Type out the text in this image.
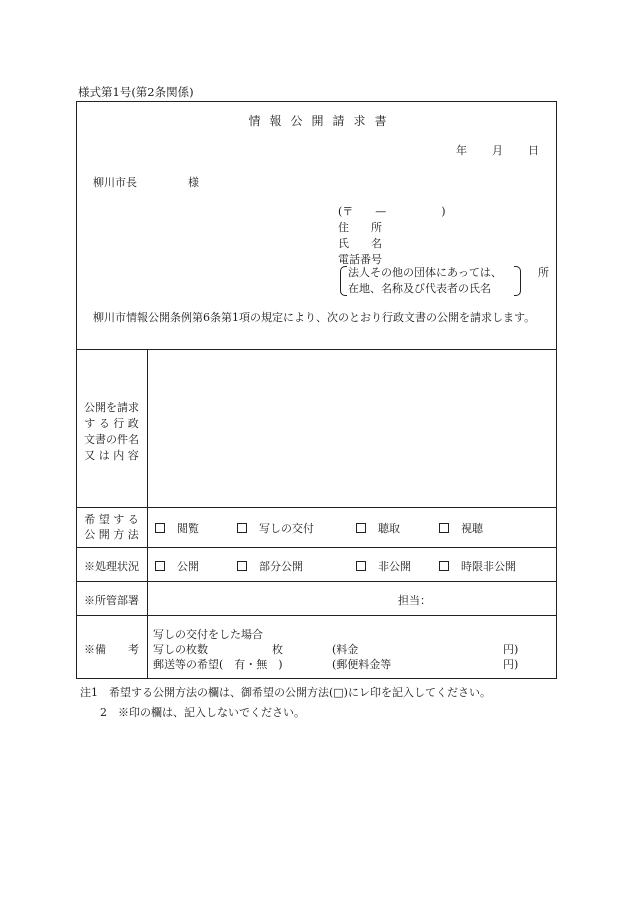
様式第1号(第2条関係)
情報公開請求書
年 月 日
柳川市長	様
(〒　　—　　　　　)
住　　所
氏　　名
電話番号
法人その他の団体にあっては、
在地、名称及び代表者の氏名
所
柳川市情報公開条例第6条第1項の規定により、次のとおり行政文書の公開を請求します。
公開を請求
す る 行 政
文書の件名
又 は 内 容
希 望 す る
公 開 方 法	閲覧	写しの交付	聴取	視聴
※処理状況	公開	部分公開	非公開	時限非公開
※所管部署	担当：
※備　　考
写しの交付をした場合
写しの枚数	枚	(料金	円)
郵送等の希望(　有・無　)	(郵便料金等	円)
注1　希望する公開方法の欄は、御希望の公開方法(□)にレ印を記入してください。
2　※印の欄は、記入しないでください。
